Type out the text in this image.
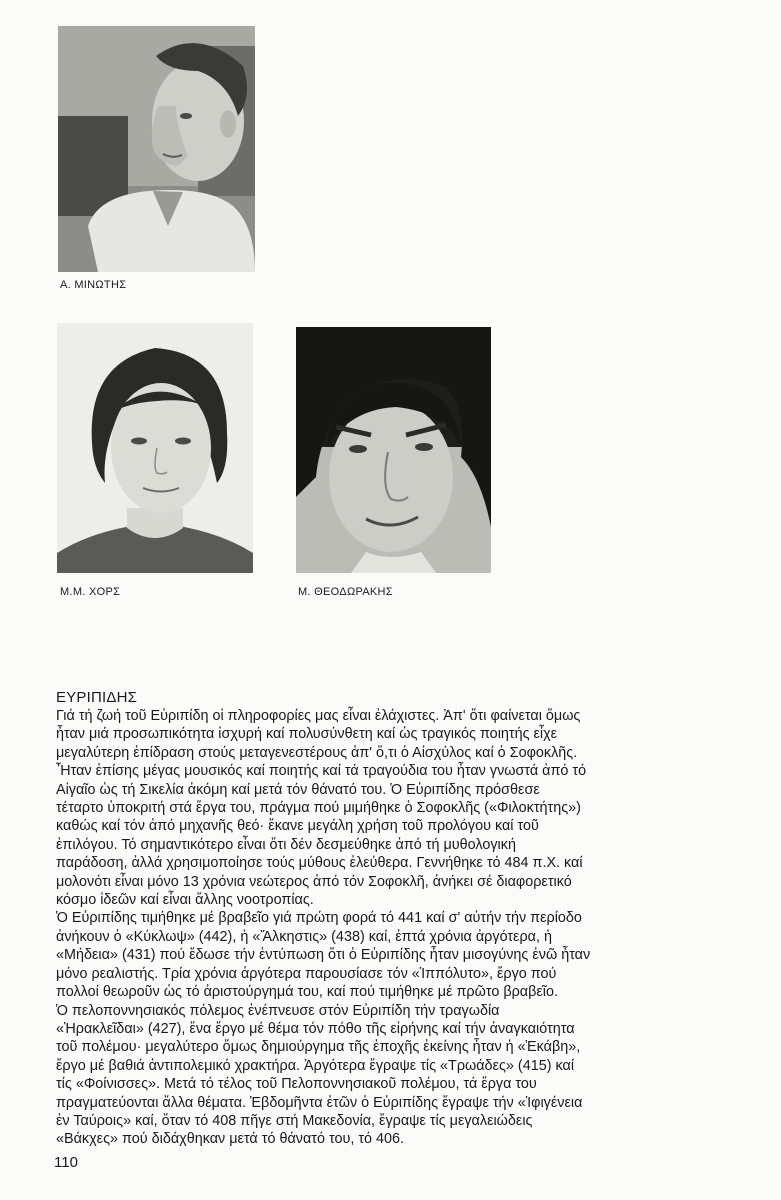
Α. ΜΙΝΩΤΗΣ
Μ.Μ. ΧΟΡΣ	Μ. ΘΕΟΔΩΡΑΚΗΣ
ΕΥΡΙΠΙΔΗΣ

Γιά τή ζωή τοῦ Εὐριπίδη οἱ πληροφορίες μας εἶναι ἐλάχιστες. Ἀπ' ὅτι φαίνεται ὅμως
ἦταν μιά προσωπικότητα ἰσχυρή καί πολυσύνθετη καί ὡς τραγικός ποιητής εἶχε
μεγαλύτερη ἐπίδραση στούς μεταγενεστέρους ἀπ' ὅ,τι ὁ Αἰσχύλος καί ὁ Σοφοκλῆς.
Ἦταν ἐπίσης μέγας μουσικός καί ποιητής καί τά τραγούδια του ἦταν γνωστά ἀπό τό
Αἰγαῖο ὡς τή Σικελία ἀκόμη καί μετά τόν θάνατό του. Ὁ Εὐριπίδης πρόσθεσε
τέταρτο ὑποκριτή στά ἔργα του, πράγμα πού μιμήθηκε ὁ Σοφοκλῆς («Φιλοκτήτης»)
καθώς καί τόν ἀπό μηχανῆς θεό· ἔκανε μεγάλη χρήση τοῦ προλόγου καί τοῦ
ἐπιλόγου. Τό σημαντικότερο εἶναι ὅτι δέν δεσμεύθηκε ἀπό τή μυθολογική
παράδοση, ἀλλά χρησιμοποίησε τούς μύθους ἐλεύθερα. Γεννήθηκε τό 484 π.Χ. καί
μολονότι εἶναι μόνο 13 χρόνια νεώτερος ἀπό τόν Σοφοκλῆ, ἀνήκει σέ διαφορετικό
κόσμο ἰδεῶν καί εἶναι ἄλλης νοοτροπίας.
Ὁ Εὐριπίδης τιμήθηκε μέ βραβεῖο γιά πρώτη φορά τό 441 καί σ' αὐτήν τήν περίοδο
ἀνήκουν ὁ «Κύκλωψ» (442), ἡ «Ἄλκηστις» (438) καί, ἑπτά χρόνια ἀργότερα, ἡ
«Μήδεια» (431) πού ἔδωσε τήν ἐντύπωση ὅτι ὁ Εὐριπίδης ἦταν μισογύνης ἐνῶ ἦταν
μόνο ρεαλιστής. Τρία χρόνια ἀργότερα παρουσίασε τόν «Ἱππόλυτο», ἔργο πού
πολλοί θεωροῦν ὡς τό ἀριστούργημά του, καί πού τιμήθηκε μέ πρῶτο βραβεῖο.
Ὁ πελοποννησιακός πόλεμος ἐνέπνευσε στόν Εὐριπίδη τήν τραγωδία
«Ἡρακλεῖδαι» (427), ἕνα ἔργο μέ θέμα τόν πόθο τῆς εἰρήνης καί τήν ἀναγκαιότητα
τοῦ πολέμου· μεγαλύτερο ὅμως δημιούργημα τῆς ἐποχῆς ἐκείνης ἦταν ἡ «Ἑκάβη»,
ἔργο μέ βαθιά ἀντιπολεμικό χρακτήρα. Ἀργότερα ἔγραψε τίς «Τρωάδες» (415) καί
τίς «Φοίνισσες». Μετά τό τέλος τοῦ Πελοποννησιακοῦ πολέμου, τά ἔργα του
πραγματεύονται ἄλλα θέματα. Ἑβδομῆντα ἐτῶν ὁ Εὐριπίδης ἔγραψε τήν «Ἰφιγένεια
ἐν Ταύροις» καί, ὅταν τό 408 πῆγε στή Μακεδονία, ἔγραψε τίς μεγαλειώδεις
«Βάκχες» πού διδάχθηκαν μετά τό θάνατό του, τό 406.

110
